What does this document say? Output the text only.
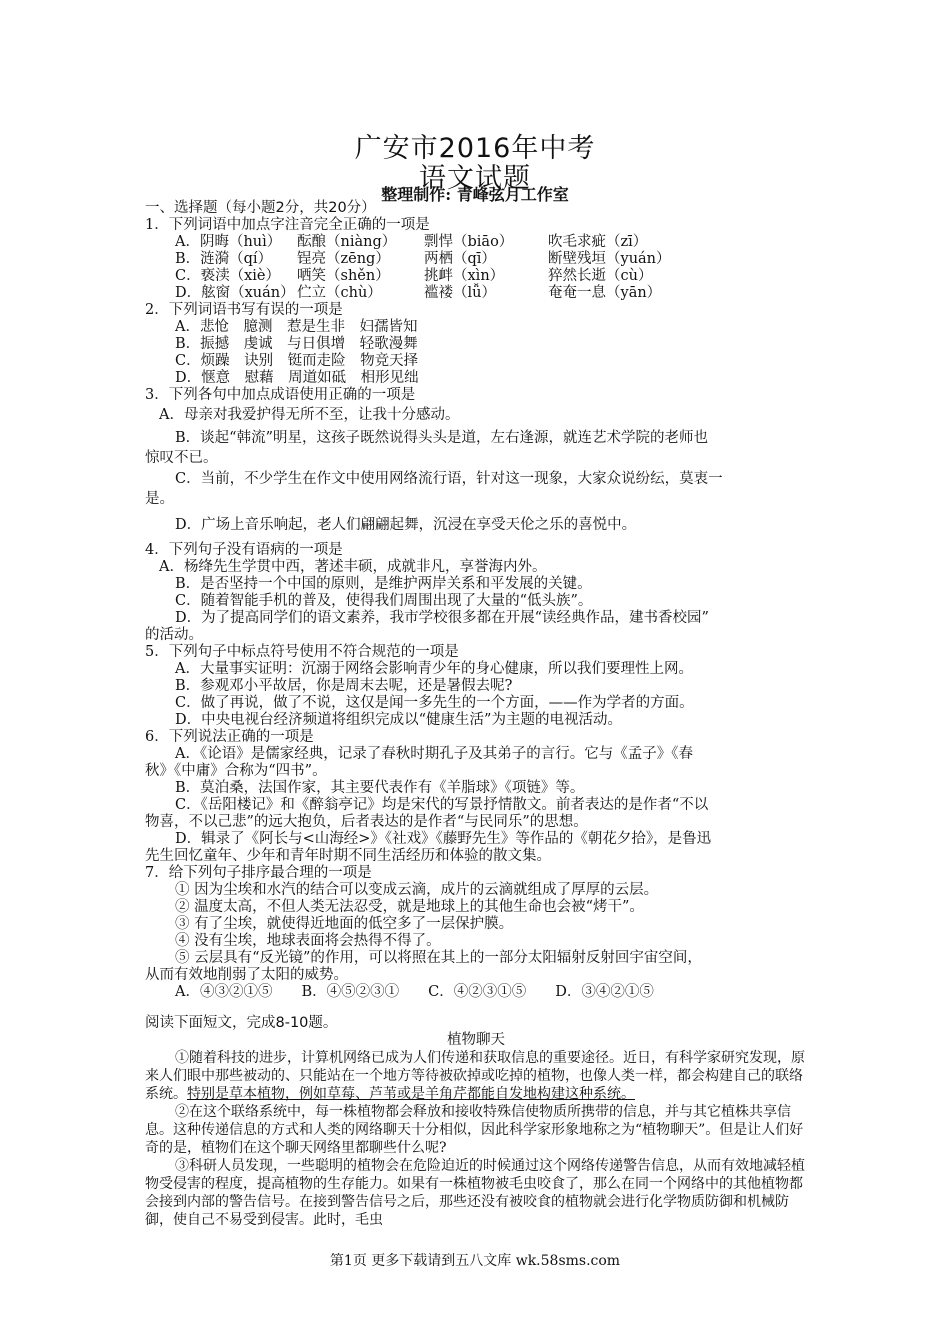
广安市2016年中考
语文试题
整理制作: 青峰弦月工作室

一、选择题（每小题2分，共20分）

1．下列词语中加点字注音完全正确的一项是

A．阴晦（huì） 酝酿（niàng） 剽悍（biāo） 吹毛求疵（zī）

B．涟漪（qí） 锃亮（zēng） 两栖（qī）	断壁残垣（yuán）

C．亵渎（xiè） 哂笑（shěn） 挑衅（xìn）	猝然长逝（cù）

D．舷窗（xuán） 伫立（chù）	褴褛（lǚ）	奄奄一息（yān）

2．下列词语书写有误的一项是

A．悲怆　臆测　惹是生非　妇孺皆知

B．振撼　虔诚　与日俱增　轻歌漫舞

C．烦躁　诀别　铤而走险　物竞天择

D．惬意　慰藉　周道如砥　相形见绌

3．下列各句中加点成语使用正确的一项是

A．母亲对我爱护得无所不至，让我十分感动。

B．谈起“韩流”明星，这孩子既然说得头头是道，左右逢源，就连艺术学院的老师也

惊叹不已。

C．当前，不少学生在作文中使用网络流行语，针对这一现象，大家众说纷纭，莫衷一

是。

D．广场上音乐响起，老人们翩翩起舞，沉浸在享受天伦之乐的喜悦中。

4．下列句子没有语病的一项是

A．杨绛先生学贯中西，著述丰硕，成就非凡，享誉海内外。

B．是否坚持一个中国的原则，是维护两岸关系和平发展的关键。

C．随着智能手机的普及，使得我们周围出现了大量的“低头族”。

D．为了提高同学们的语文素养，我市学校很多都在开展“读经典作品，建书香校园”

的活动。

5．下列句子中标点符号使用不符合规范的一项是

A．大量事实证明：沉溺于网络会影响青少年的身心健康，所以我们要理性上网。

B．参观邓小平故居，你是周末去呢，还是暑假去呢?

C．做了再说，做了不说，这仅是闻一多先生的一个方面，——作为学者的方面。

D．中央电视台经济频道将组织完成以“健康生活”为主题的电视活动。

6．下列说法正确的一项是

A．《论语》是儒家经典，记录了春秋时期孔子及其弟子的言行。它与《孟子》《春

秋》《中庸》合称为“四书”。

B．莫泊桑，法国作家，其主要代表作有《羊脂球》《项链》等。

C．《岳阳楼记》和《醉翁亭记》均是宋代的写景抒情散文。前者表达的是作者“不以

物喜，不以己悲”的远大抱负，后者表达的是作者“与民同乐”的思想。

D．辑录了《阿长与<山海经>》《社戏》《藤野先生》等作品的《朝花夕拾》，是鲁迅

先生回忆童年、少年和青年时期不同生活经历和体验的散文集。

7．给下列句子排序最合理的一项是

① 因为尘埃和水汽的结合可以变成云滴，成片的云滴就组成了厚厚的云层。

② 温度太高，不但人类无法忍受，就是地球上的其他生命也会被“烤干”。

③ 有了尘埃，就使得近地面的低空多了一层保护膜。

④ 没有尘埃，地球表面将会热得不得了。

⑤ 云层具有“反光镜”的作用，可以将照在其上的一部分太阳辐射反射回宇宙空间，

从而有效地削弱了太阳的威势。

A．④③②①⑤　　B．④⑤②③①　　C．④②③①⑤　　D．③④②①⑤

阅读下面短文，完成8-10题。

植物聊天

①随着科技的进步，计算机网络已成为人们传递和获取信息的重要途径。近日，有科学家研究发现，原来人们眼中那些被动的、只能站在一个地方等待被砍掉或吃掉的植物，也像人类一样，都会构建自己的联络系统。特别是草本植物，例如草莓、芦苇或是羊角芹都能自发地构建这种系统。

②在这个联络系统中，每一株植物都会释放和接收特殊信使物质所携带的信息，并与其它植株共享信息。这种传递信息的方式和人类的网络聊天十分相似，因此科学家形象地称之为“植物聊天”。但是让人们好奇的是，植物们在这个聊天网络里都聊些什么呢?

③科研人员发现，一些聪明的植物会在危险迫近的时候通过这个网络传递警告信息，从而有效地减轻植物受侵害的程度，提高植物的生存能力。如果有一株植物被毛虫咬食了，那么在同一个网络中的其他植物都会接到内部的警告信号。在接到警告信号之后，那些还没有被咬食的植物就会进行化学物质防御和机械防御，使自己不易受到侵害。此时，毛虫

第1页 更多下载请到五八文库 wk.58sms.com
